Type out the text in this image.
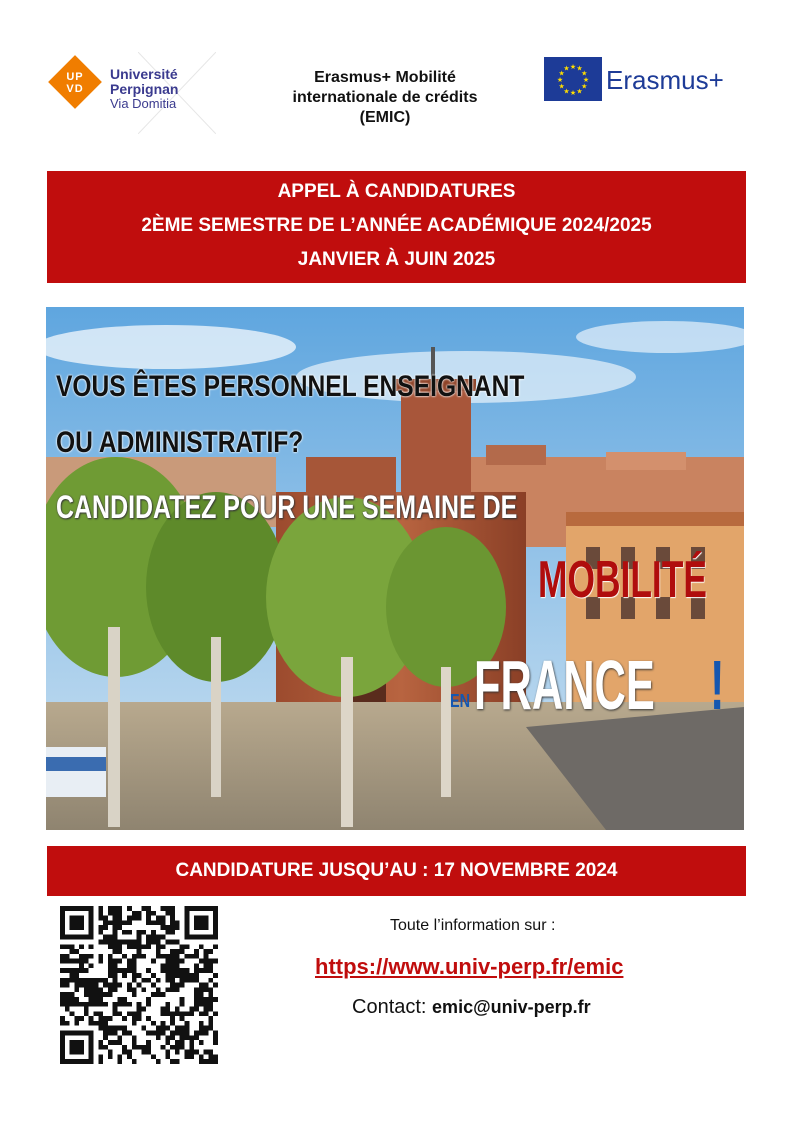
UP
VD
Université
Perpignan
Via Domitia
Erasmus+ Mobilité
internationale de crédits
(EMIC)
★
★
★
★
★
★
★
★
★ ★ ★
★ Erasmus+
APPEL À CANDIDATURES
2ÈME SEMESTRE DE L’ANNÉE ACADÉMIQUE 2024/2025
JANVIER À JUIN 2025
VOUS ÊTES PERSONNEL ENSEIGNANT
OU ADMINISTRATIF?
CANDIDATEZ POUR UNE SEMAINE DE
MOBILITÉ
EN FRANCE !
CANDIDATURE JUSQU’AU : 17 NOVEMBRE 2024
Toute l’information sur :
https://www.univ-perp.fr/emic
Contact: emic@univ-perp.fr
